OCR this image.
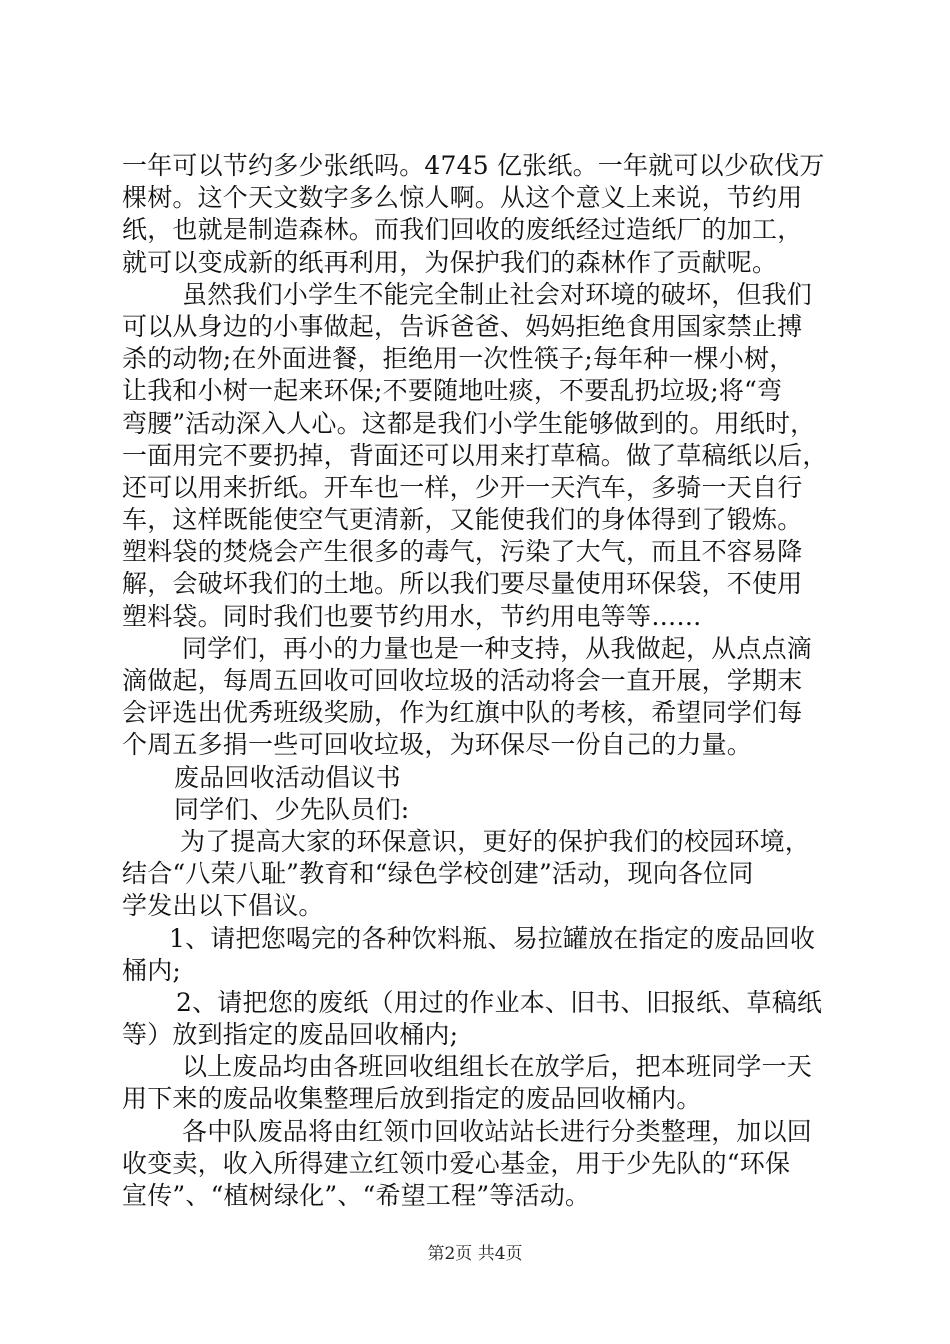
一年可以节约多少张纸吗。4745 亿张纸。一年就可以少砍伐万
棵树。这个天文数字多么惊人啊。从这个意义上来说，节约用
纸，也就是制造森林。而我们回收的废纸经过造纸厂的加工，
就可以变成新的纸再利用，为保护我们的森林作了贡献呢。
虽然我们小学生不能完全制止社会对环境的破坏，但我们
可以从身边的小事做起，告诉爸爸、妈妈拒绝食用国家禁止搏
杀的动物;在外面进餐，拒绝用一次性筷子;每年种一棵小树，
让我和小树一起来环保;不要随地吐痰，不要乱扔垃圾;将“弯
弯腰”活动深入人心。这都是我们小学生能够做到的。用纸时，
一面用完不要扔掉，背面还可以用来打草稿。做了草稿纸以后，
还可以用来折纸。开车也一样，少开一天汽车，多骑一天自行
车，这样既能使空气更清新，又能使我们的身体得到了锻炼。
塑料袋的焚烧会产生很多的毒气，污染了大气，而且不容易降
解，会破坏我们的土地。所以我们要尽量使用环保袋，不使用
塑料袋。同时我们也要节约用水，节约用电等等……
同学们，再小的力量也是一种支持，从我做起，从点点滴
滴做起，每周五回收可回收垃圾的活动将会一直开展，学期末
会评选出优秀班级奖励，作为红旗中队的考核，希望同学们每
个周五多捐一些可回收垃圾，为环保尽一份自己的力量。
废品回收活动倡议书
同学们、少先队员们:
为了提高大家的环保意识，更好的保护我们的校园环境，
结合“八荣八耻”教育和“绿色学校创建”活动，现向各位同
学发出以下倡议。
1、请把您喝完的各种饮料瓶、易拉罐放在指定的废品回收
桶内;
2、请把您的废纸（用过的作业本、旧书、旧报纸、草稿纸
等）放到指定的废品回收桶内;
以上废品均由各班回收组组长在放学后，把本班同学一天
用下来的废品收集整理后放到指定的废品回收桶内。
各中队废品将由红领巾回收站站长进行分类整理，加以回
收变卖，收入所得建立红领巾爱心基金，用于少先队的“环保
宣传”、“植树绿化”、“希望工程”等活动。
第2页 共4页
